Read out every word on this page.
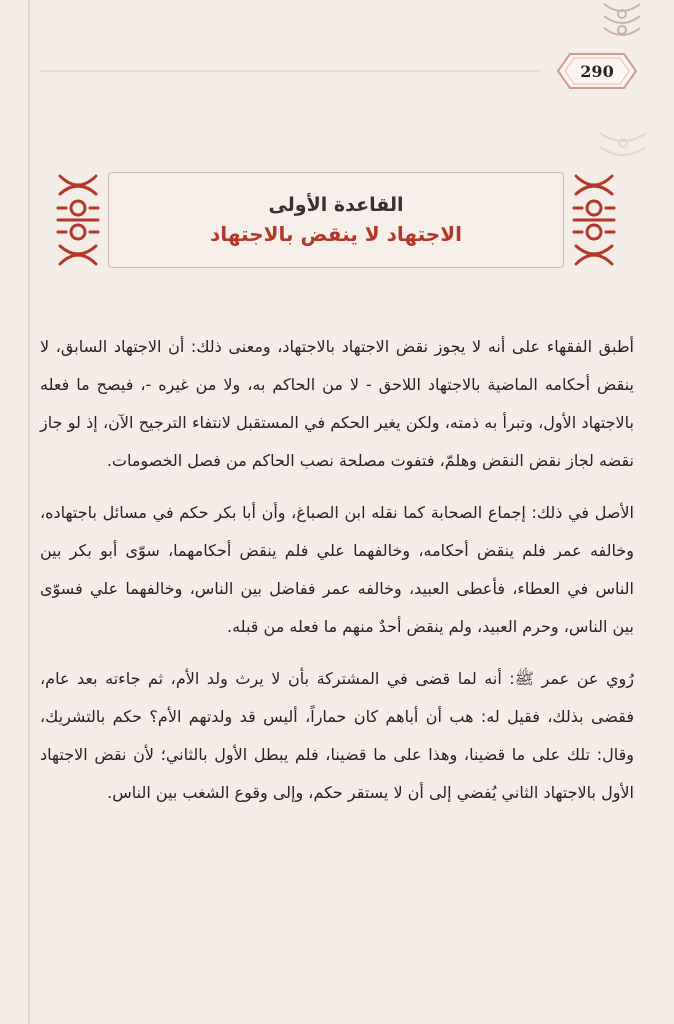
290
القاعدة الأولى
الاجتهاد لا ينقض بالاجتهاد

أطبق الفقهاء على أنه لا يجوز نقض الاجتهاد بالاجتهاد، ومعنى ذلك: أن الاجتهاد السابق، لا ينقض أحكامه الماضية بالاجتهاد اللاحق - لا من الحاكم به، ولا من غيره -، فيصح ما فعله بالاجتهاد الأول، وتبرأ به ذمته، ولكن يغير الحكم في المستقبل لانتفاء الترجيح الآن، إذ لو جاز نقضه لجاز نقض النقض وهلمّ، فتفوت مصلحة نصب الحاكم من فصل الخصومات.

الأصل في ذلك: إجماع الصحابة كما نقله ابن الصباغ، وأن أبا بكر حكم في مسائل باجتهاده، وخالفه عمر فلم ينقض أحكامه، وخالفهما علي فلم ينقض أحكامهما، سوّى أبو بكر بين الناس في العطاء، فأعطى العبيد، وخالفه عمر ففاضل بين الناس، وخالفهما علي فسوّى بين الناس، وحرم العبيد، ولم ينقض أحدٌ منهم ما فعله من قبله.

رُوي عن عمر ﷺ: أنه لما قضى في المشتركة بأن لا يرث ولد الأم، ثم جاءته بعد عام، فقضى بذلك، فقيل له: هب أن أباهم كان حماراً، أليس قد ولدتهم الأم؟ حكم بالتشريك، وقال: تلك على ما قضينا، وهذا على ما قضينا، فلم يبطل الأول بالثاني؛ لأن نقض الاجتهاد الأول بالاجتهاد الثاني يُفضي إلى أن لا يستقر حكم، وإلى وقوع الشغب بين الناس.
